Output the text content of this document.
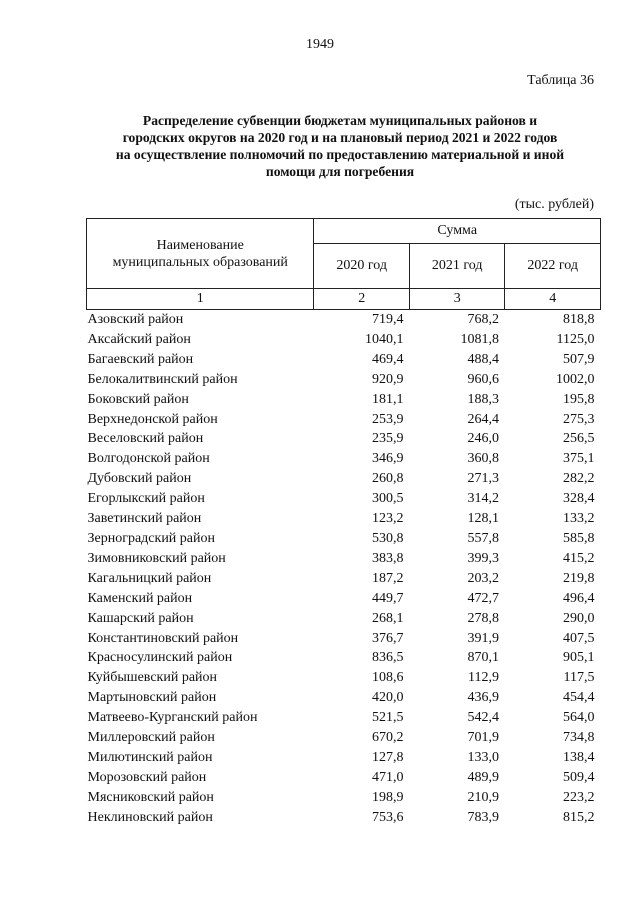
1949
Таблица 36
Распределение субвенции бюджетам муниципальных районов и
городских округов на 2020 год и на плановый период 2021 и 2022 годов
на осуществление полномочий по предоставлению материальной и иной
помощи для погребения
(тыс. рублей)
Наименование
муниципальных образований	Сумма		
	2020 год	2021 год	2022 год
1	2	3	4
Азовский район	719,4	768,2	818,8
Аксайский район	1040,1	1081,8	1125,0
Багаевский район	469,4	488,4	507,9
Белокалитвинский район	920,9	960,6	1002,0
Боковский район	181,1	188,3	195,8
Верхнедонской район	253,9	264,4	275,3
Веселовский район	235,9	246,0	256,5
Волгодонской район	346,9	360,8	375,1
Дубовский район	260,8	271,3	282,2
Егорлыкский район	300,5	314,2	328,4
Заветинский район	123,2	128,1	133,2
Зерноградский район	530,8	557,8	585,8
Зимовниковский район	383,8	399,3	415,2
Кагальницкий район	187,2	203,2	219,8
Каменский район	449,7	472,7	496,4
Кашарский район	268,1	278,8	290,0
Константиновский район	376,7	391,9	407,5
Красносулинский район	836,5	870,1	905,1
Куйбышевский район	108,6	112,9	117,5
Мартыновский район	420,0	436,9	454,4
Матвеево-Курганский район	521,5	542,4	564,0
Миллеровский район	670,2	701,9	734,8
Милютинский район	127,8	133,0	138,4
Морозовский район	471,0	489,9	509,4
Мясниковский район	198,9	210,9	223,2
Неклиновский район	753,6	783,9	815,2
